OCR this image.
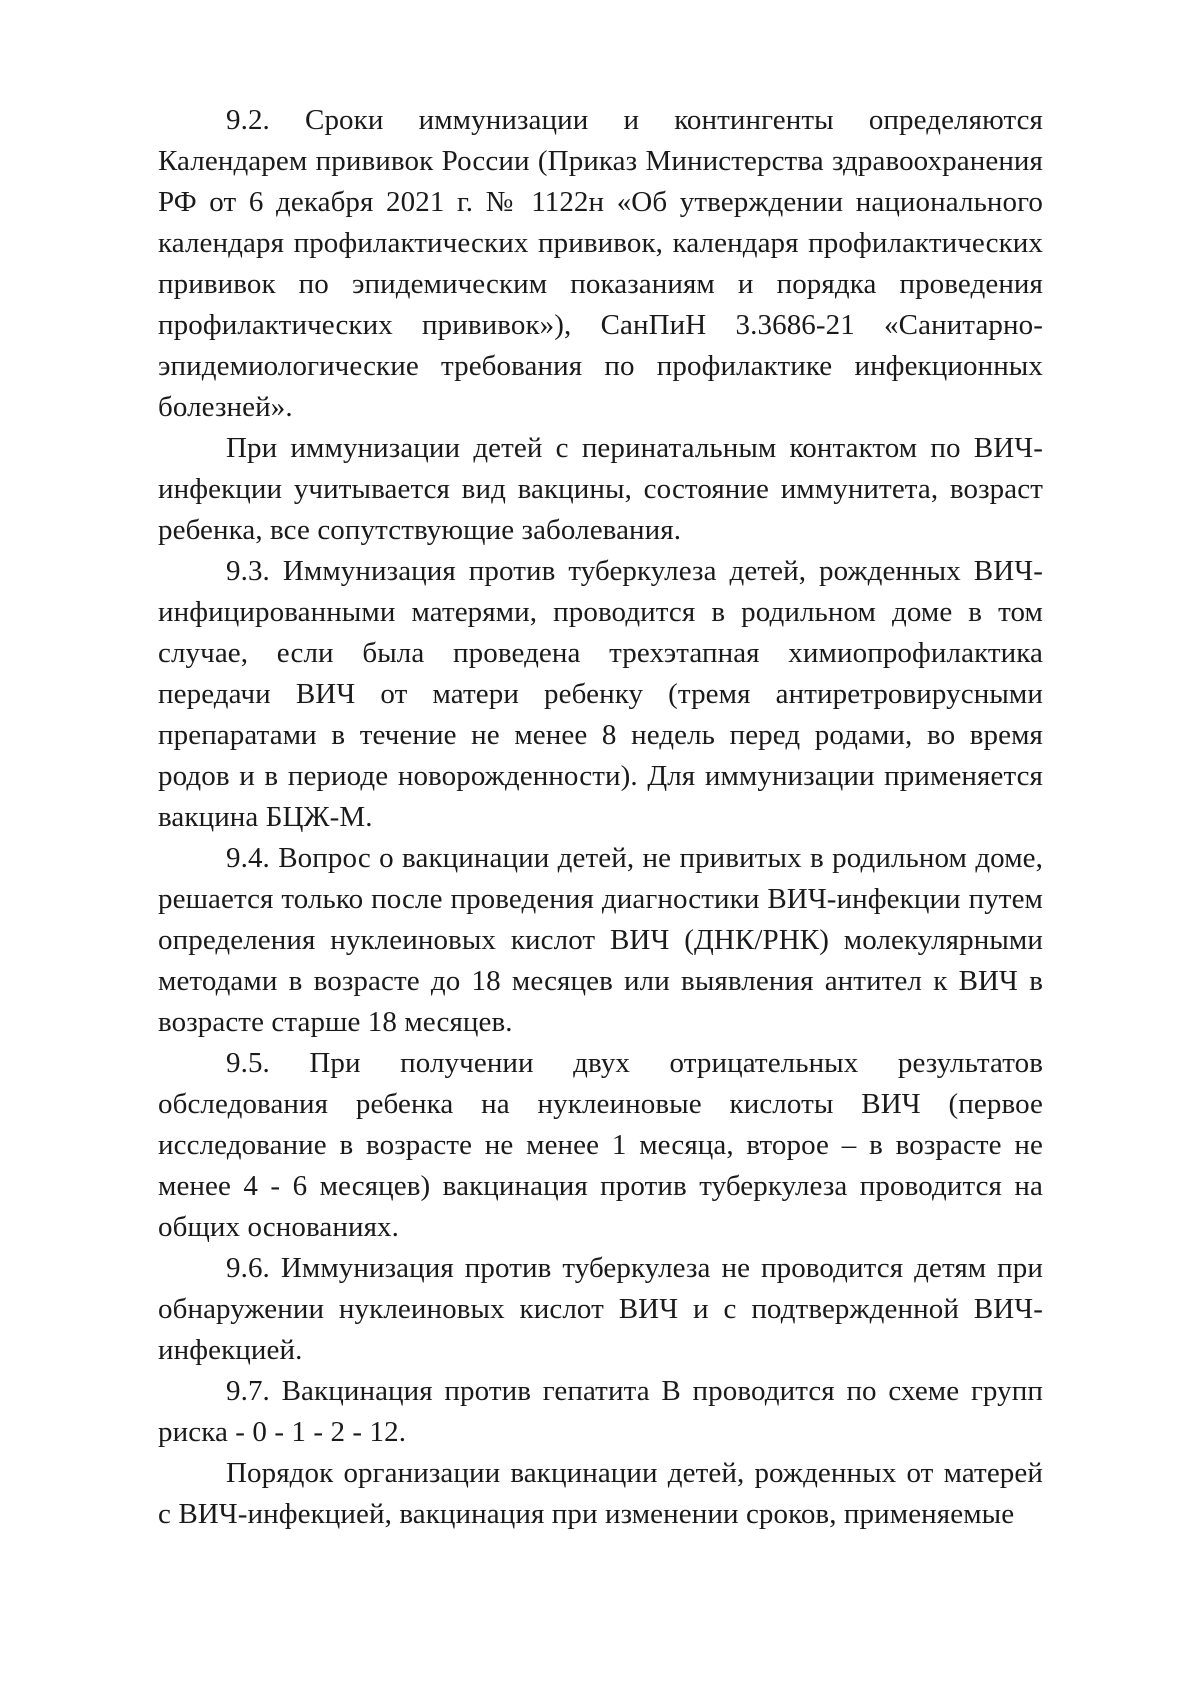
9.2. Сроки иммунизации и контингенты определяются Календарем прививок России (Приказ Министерства здравоохранения РФ от 6 декабря 2021 г. № 1122н «Об утверждении национального календаря профилактических прививок, календаря профилактических прививок по эпидемическим показаниям и порядка проведения профилактических прививок»), СанПиН 3.3686-21 «Санитарно-эпидемиологические требования по профилактике инфекционных болезней».

При иммунизации детей с перинатальным контактом по ВИЧ-инфекции учитывается вид вакцины, состояние иммунитета, возраст ребенка, все сопутствующие заболевания.

9.3. Иммунизация против туберкулеза детей, рожденных ВИЧ-инфицированными матерями, проводится в родильном доме в том случае, если была проведена трехэтапная химиопрофилактика передачи ВИЧ от матери ребенку (тремя антиретровирусными препаратами в течение не менее 8 недель перед родами, во время родов и в периоде новорожденности). Для иммунизации применяется вакцина БЦЖ-М.

9.4. Вопрос о вакцинации детей, не привитых в родильном доме, решается только после проведения диагностики ВИЧ-инфекции путем определения нуклеиновых кислот ВИЧ (ДНК/РНК) молекулярными методами в возрасте до 18 месяцев или выявления антител к ВИЧ в возрасте старше 18 месяцев.

9.5. При получении двух отрицательных результатов обследования ребенка на нуклеиновые кислоты ВИЧ (первое исследование в возрасте не менее 1 месяца, второе – в возрасте не менее 4 - 6 месяцев) вакцинация против туберкулеза проводится на общих основаниях.

9.6. Иммунизация против туберкулеза не проводится детям при обнаружении нуклеиновых кислот ВИЧ и с подтвержденной ВИЧ-инфекцией.

9.7. Вакцинация против гепатита В проводится по схеме групп риска - 0 - 1 - 2 - 12.

Порядок организации вакцинации детей, рожденных от матерей с ВИЧ-инфекцией, вакцинация при изменении сроков, применяемые
